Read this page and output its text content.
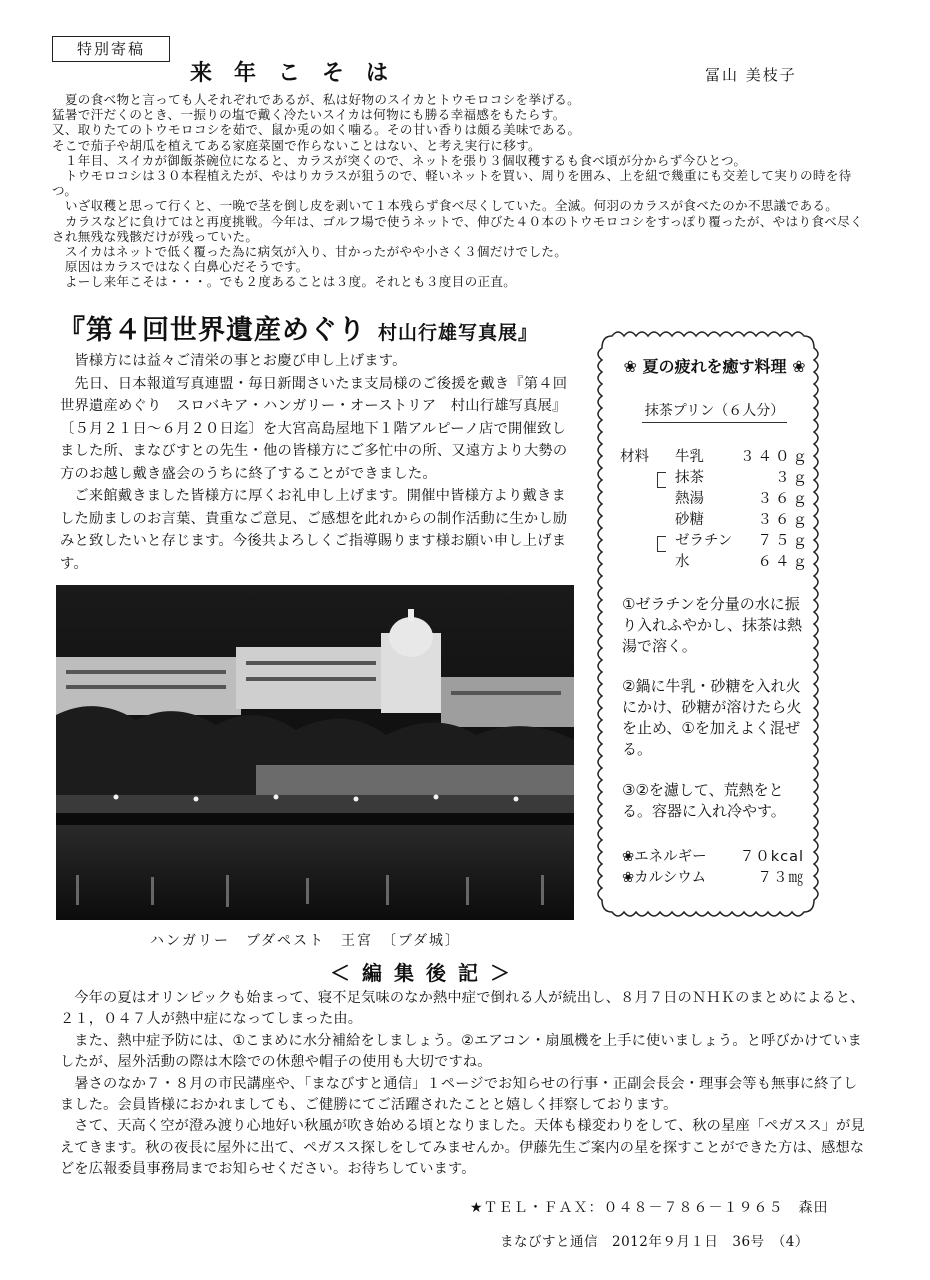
特別寄稿
来年こそは	冨山 美枝子

　夏の食べ物と言っても人それぞれであるが、私は好物のスイカとトウモロコシを挙げる。

猛暑で汗だくのとき、一振りの塩で戴く冷たいスイカは何物にも勝る幸福感をもたらす。

又、取りたてのトウモロコシを茹で、鼠か兎の如く噛る。その甘い香りは頗る美味である。

そこで茄子や胡瓜を植えてある家庭菜園で作らないことはない、と考え実行に移す。

　１年目、スイカが御飯茶碗位になると、カラスが突くので、ネットを張り３個収穫するも食べ頃が分からず今ひとつ。

　トウモロコシは３０本程植えたが、やはりカラスが狙うので、軽いネットを買い、周りを囲み、上を紐で幾重にも交差して実りの時を待つ。

　いざ収穫と思って行くと、一晩で茎を倒し皮を剥いて１本残らず食べ尽くしていた。全滅。何羽のカラスが食べたのか不思議である。

　カラスなどに負けてはと再度挑戦。今年は、ゴルフ場で使うネットで、伸びた４０本のトウモロコシをすっぽり覆ったが、やはり食べ尽くされ無残な残骸だけが残っていた。

　スイカはネットで低く覆った為に病気が入り、甘かったがやや小さく３個だけでした。

　原因はカラスではなく白鼻心だそうです。

　よーし来年こそは・・・。でも２度あることは３度。それとも３度目の正直。

『第４回世界遺産めぐり 村山行雄写真展』

皆様方には益々ご清栄の事とお慶び申し上げます。

先日、日本報道写真連盟・毎日新聞さいたま支局様のご後援を戴き『第４回世界遺産めぐり　スロバキア・ハンガリー・オーストリア　村山行雄写真展』〔５月２１日～６月２０日迄〕を大宮高島屋地下１階アルピーノ店で開催致しました所、まなびすとの先生・他の皆様方にご多忙中の所、又遠方より大勢の方のお越し戴き盛会のうちに終了することができました。

ご来館戴きました皆様方に厚くお礼申し上げます。開催中皆様方より戴きました励ましのお言葉、貴重なご意見、ご感想を此れからの制作活動に生かし励みと致したいと存じます。今後共よろしくご指導賜ります様お願い申し上げます。

ハンガリー　ブダペスト　王宮　〔ブダ城〕
❀ 夏の疲れを癒す料理 ❀
抹茶プリン（６人分）
材料 牛乳 ３４０ｇ
抹茶	３ｇ
熱湯	３６ｇ
砂糖	３６ｇ
ゼラチン ７５ｇ
水	６４ｇ
①ゼラチンを分量の水に振り入れふやかし、抹茶は熱湯で溶く。
②鍋に牛乳・砂糖を入れ火にかけ、砂糖が溶けたら火を止め、①を加えよく混ぜる。
③②を濾して、荒熱をとる。容器に入れ冷やす。
❀エネルギー ７０kcal
❀カルシウム	７３㎎
＜編集後記＞

今年の夏はオリンピックも始まって、寝不足気味のなか熱中症で倒れる人が続出し、８月７日のＮＨＫのまとめによると、２１，０４７人が熱中症になってしまった由。

また、熱中症予防には、①こまめに水分補給をしましょう。②エアコン・扇風機を上手に使いましょう。と呼びかけていましたが、屋外活動の際は木陰での休憩や帽子の使用も大切ですね。

暑さのなか７・８月の市民講座や、「まなびすと通信」１ページでお知らせの行事・正副会長会・理事会等も無事に終了しました。会員皆様におかれましても、ご健勝にてご活躍されたことと嬉しく拝察しております。

さて、天高く空が澄み渡り心地好い秋風が吹き始める頃となりました。天体も様変わりをして、秋の星座「ペガスス」が見えてきます。秋の夜長に屋外に出て、ペガスス探しをしてみませんか。伊藤先生ご案内の星を探すことができた方は、感想などを広報委員事務局までお知らせください。お待ちしています。

★ＴＥＬ・ＦＡＸ：０４８－７８６－１９６５　森田
まなびすと通信　2012年９月１日　36号　（4）
